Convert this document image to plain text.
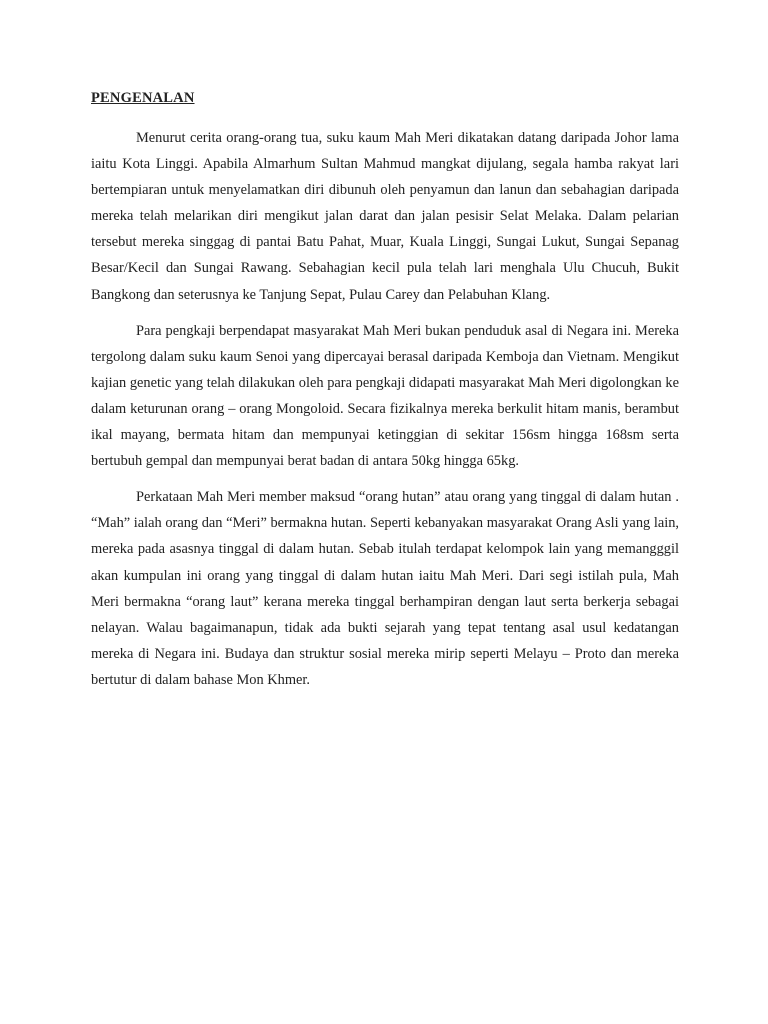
PENGENALAN

Menurut cerita orang-orang tua, suku kaum Mah Meri dikatakan datang daripada Johor lama iaitu Kota Linggi. Apabila Almarhum Sultan Mahmud mangkat dijulang, segala hamba rakyat lari bertempiaran untuk menyelamatkan diri dibunuh oleh penyamun dan lanun dan sebahagian daripada mereka telah melarikan diri mengikut jalan darat dan jalan pesisir Selat Melaka. Dalam pelarian tersebut mereka singgag di pantai Batu Pahat, Muar, Kuala Linggi, Sungai Lukut, Sungai Sepanag Besar/Kecil dan Sungai Rawang. Sebahagian kecil pula telah lari menghala Ulu Chucuh, Bukit Bangkong dan seterusnya ke Tanjung Sepat, Pulau Carey dan Pelabuhan Klang.

Para pengkaji berpendapat masyarakat Mah Meri bukan penduduk asal di Negara ini. Mereka tergolong dalam suku kaum Senoi yang dipercayai berasal daripada Kemboja dan Vietnam. Mengikut kajian genetic yang telah dilakukan oleh para pengkaji didapati masyarakat Mah Meri digolongkan ke dalam keturunan orang – orang Mongoloid. Secara fizikalnya mereka berkulit hitam manis, berambut ikal mayang, bermata hitam dan mempunyai ketinggian di sekitar 156sm hingga 168sm serta bertubuh gempal dan mempunyai berat badan di antara 50kg hingga 65kg.

Perkataan Mah Meri member maksud “orang hutan” atau orang yang tinggal di dalam hutan . “Mah” ialah orang dan “Meri” bermakna hutan. Seperti kebanyakan masyarakat Orang Asli yang lain, mereka pada asasnya tinggal di dalam hutan. Sebab itulah terdapat kelompok lain yang memangggil akan kumpulan ini orang yang tinggal di dalam hutan iaitu Mah Meri. Dari segi istilah pula, Mah Meri bermakna “orang laut” kerana mereka tinggal berhampiran dengan laut serta berkerja sebagai nelayan. Walau bagaimanapun, tidak ada bukti sejarah yang tepat tentang asal usul kedatangan mereka di Negara ini. Budaya dan struktur sosial mereka mirip seperti Melayu – Proto dan mereka bertutur di dalam bahase Mon Khmer.
